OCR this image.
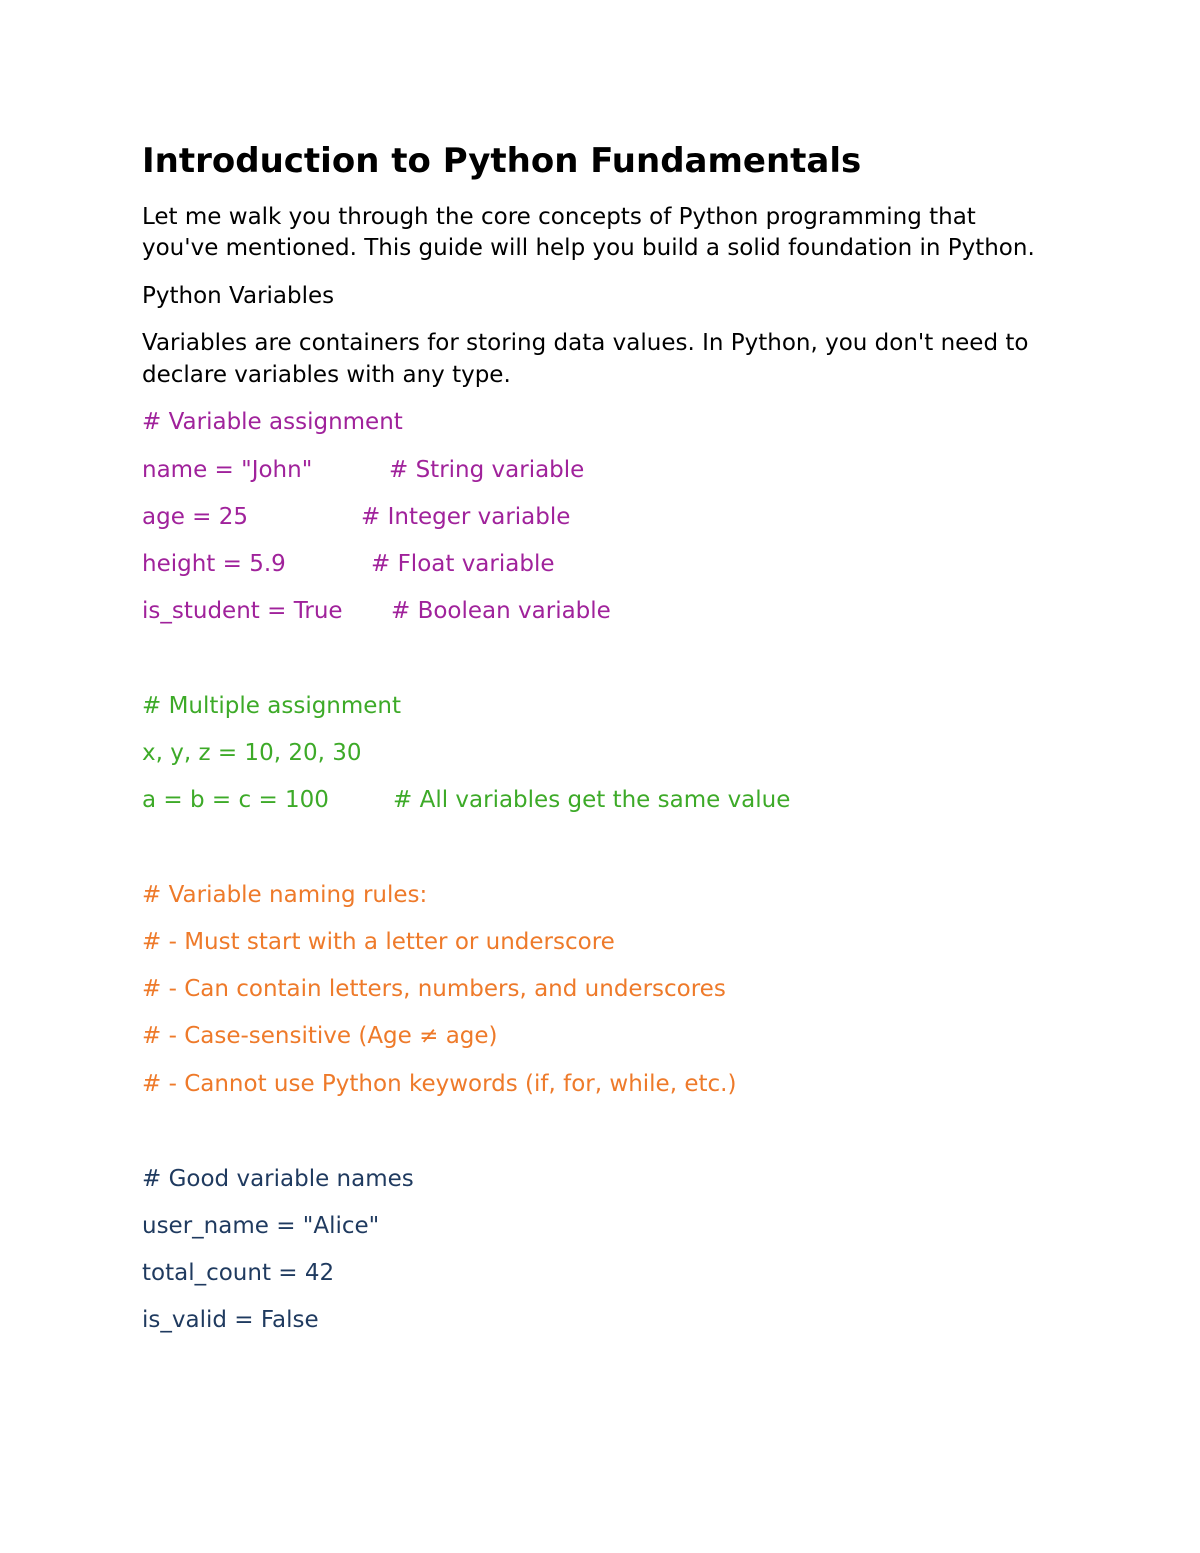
Introduction to Python Fundamentals

Let me walk you through the core concepts of Python programming that

you've mentioned. This guide will help you build a solid foundation in Python.

Python Variables

Variables are containers for storing data values. In Python, you don't need to

declare variables with any type.

# Variable assignment
name = "John"	# String variable
age = 25	# Integer variable
height = 5.9	# Float variable
is_student = True # Boolean variable
# Multiple assignment
x, y, z = 10, 20, 30
a = b = c = 100	# All variables get the same value
# Variable naming rules:
# - Must start with a letter or underscore
# - Can contain letters, numbers, and underscores
# - Case-sensitive (Age ≠ age)
# - Cannot use Python keywords (if, for, while, etc.)
# Good variable names
user_name = "Alice"
total_count = 42
is_valid = False
